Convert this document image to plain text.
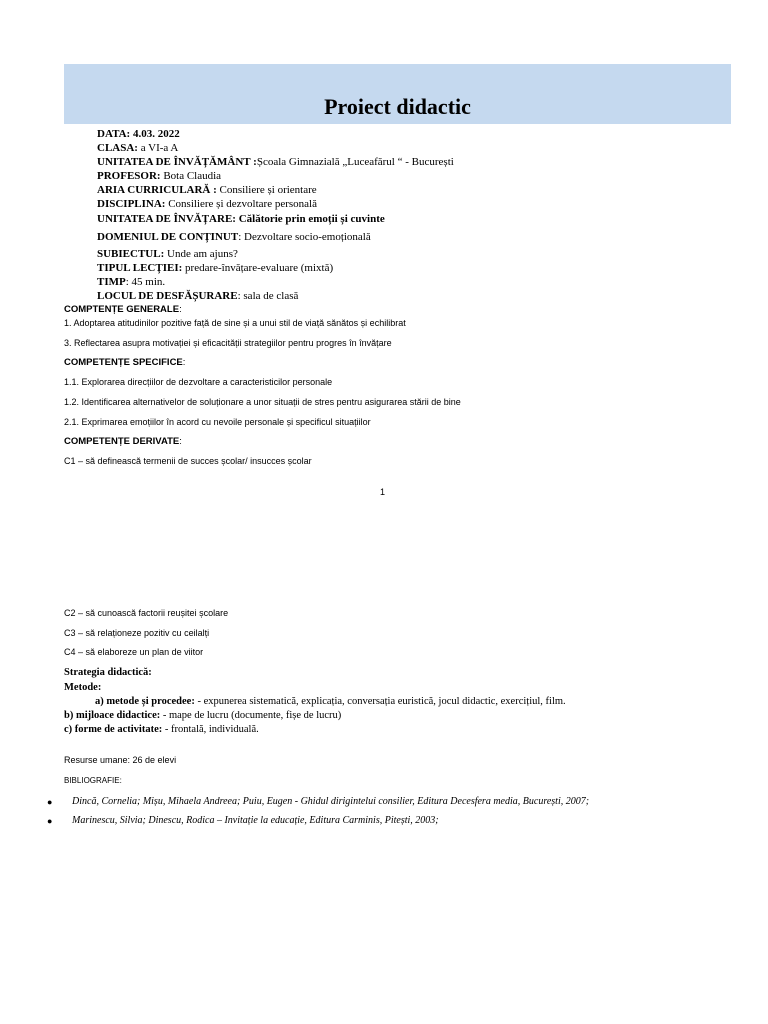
Proiect didactic
DATA: 4.03. 2022
CLASA: a VI-a A
UNITATEA DE ÎNVĂȚĂMÂNT :Școala Gimnazială „Luceafărul “ - București
PROFESOR: Bota Claudia
ARIA CURRICULARĂ : Consiliere și orientare
DISCIPLINA: Consiliere și dezvoltare personală
UNITATEA DE ÎNVĂȚARE: Călătorie prin emoții și cuvinte
DOMENIUL DE CONȚINUT: Dezvoltare socio-emoțională
SUBIECTUL: Unde am ajuns?
TIPUL LECȚIEI: predare-învățare-evaluare (mixtă)
TIMP: 45 min.
LOCUL DE DESFĂȘURARE: sala de clasă
COMPTENȚE GENERALE:
1. Adoptarea atitudinilor pozitive față de sine și a unui stil de viață sănătos și echilibrat
3. Reflectarea asupra motivației și eficacității strategiilor pentru progres în învățare
COMPETENȚE SPECIFICE:
1.1. Explorarea direcțiilor de dezvoltare a caracteristicilor personale
1.2. Identificarea alternativelor de soluționare a unor situații de stres pentru asigurarea stării de bine
2.1. Exprimarea emoțiilor în acord cu nevoile personale și specificul situațiilor
COMPETENȚE DERIVATE:
C1 – să definească termenii de succes școlar/ insucces școlar
1
C2 – să cunoască factorii reușitei școlare
C3 – să relaționeze pozitiv cu ceilalți
C4 – să elaboreze un plan de viitor
Strategia didactică:
Metode:
a) metode și procedee: - expunerea sistematică, explicația, conversația euristică, jocul didactic, exercițiul, film.
b) mijloace didactice: - mape de lucru (documente, fișe de lucru)
c) forme de activitate: - frontală, individuală.
Resurse umane: 26 de elevi
BIBLIOGRAFIE:
● Dincă, Cornelia; Mișu, Mihaela Andreea; Puiu, Eugen - Ghidul dirigintelui consilier, Editura Decesfera media, București, 2007;
● Marinescu, Silvia; Dinescu, Rodica – Invitație la educație, Editura Carminis, Pitești, 2003;
